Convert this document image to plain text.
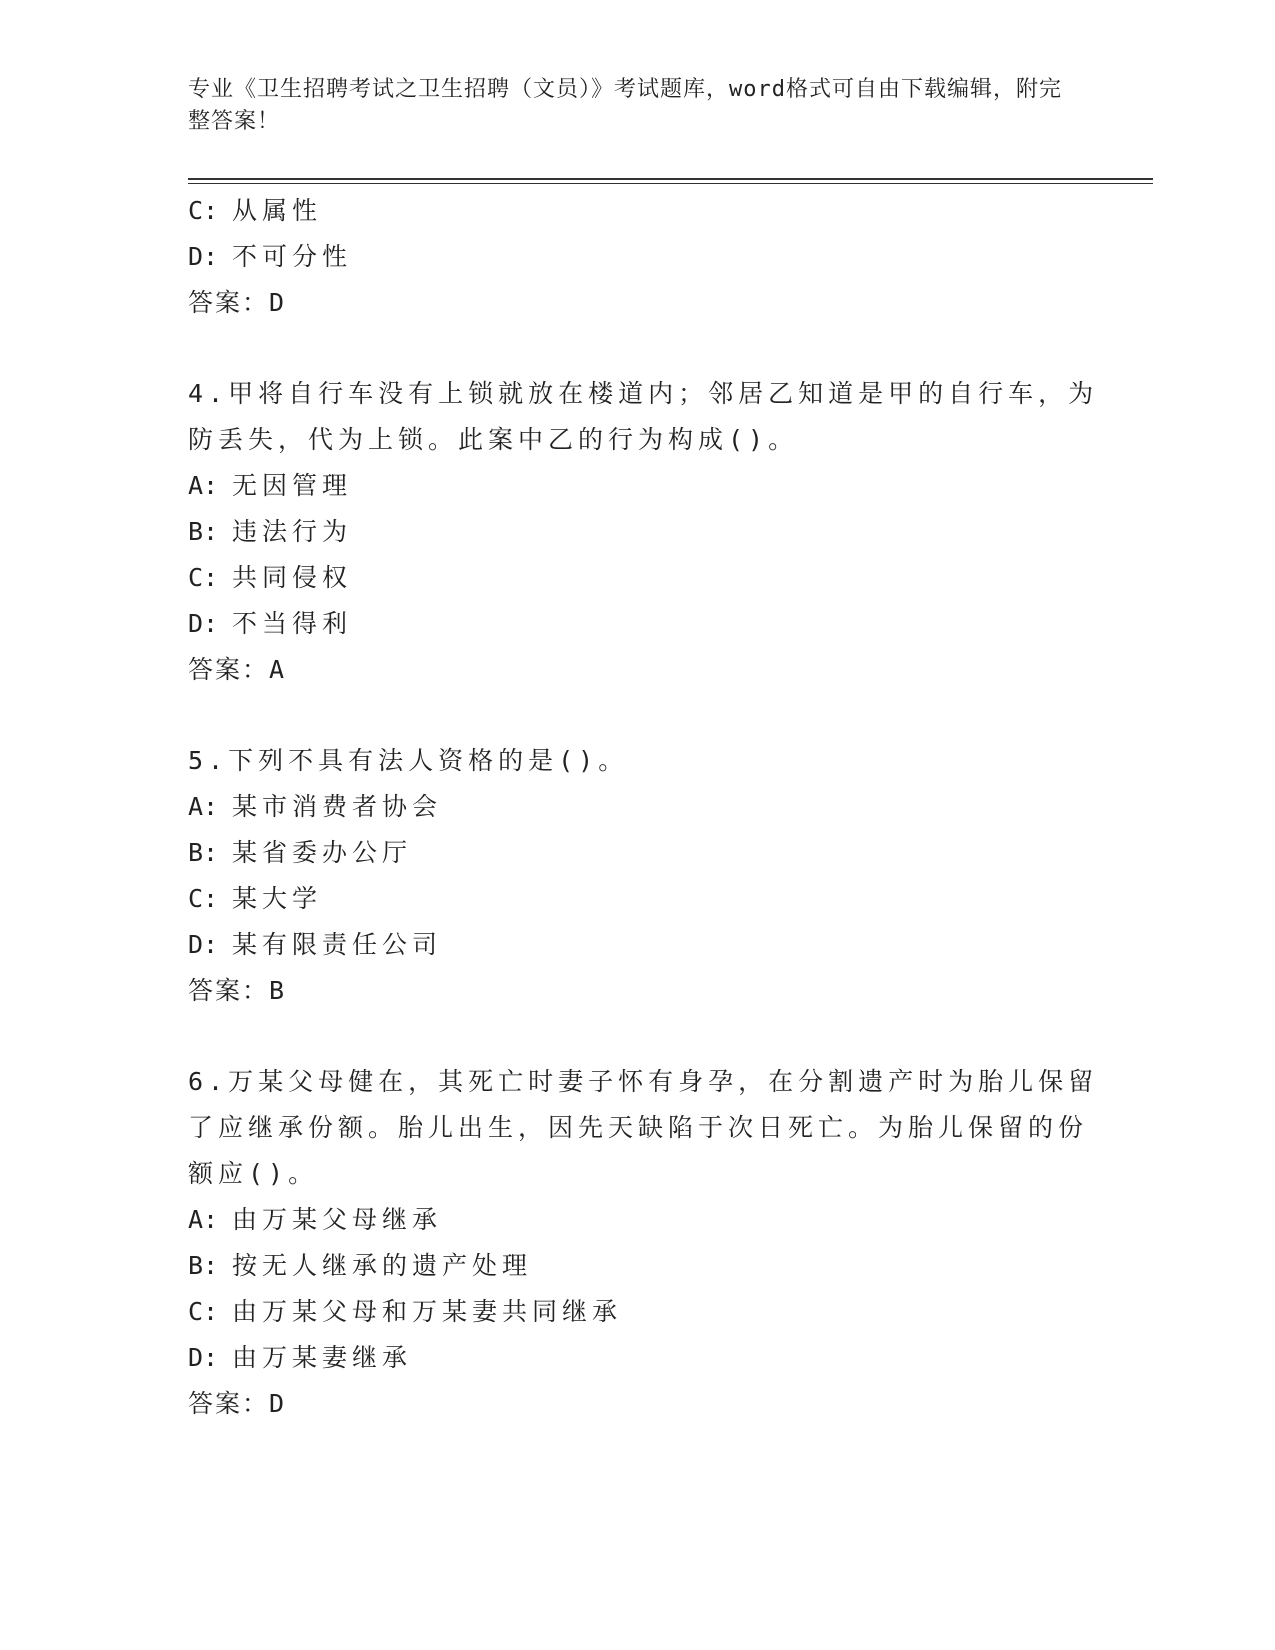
专业《卫生招聘考试之卫生招聘（文员）》考试题库，word格式可自由下载编辑，附完整答案！
C: 从属性
D: 不可分性
答案：D
4.甲将自行车没有上锁就放在楼道内；邻居乙知道是甲的自行车，为
防丢失，代为上锁。此案中乙的行为构成()。
A: 无因管理
B: 违法行为
C: 共同侵权
D: 不当得利
答案：A
5.下列不具有法人资格的是()。
A: 某市消费者协会
B: 某省委办公厅
C: 某大学
D: 某有限责任公司
答案：B
6.万某父母健在，其死亡时妻子怀有身孕，在分割遗产时为胎儿保留
了应继承份额。胎儿出生，因先天缺陷于次日死亡。为胎儿保留的份
额应()。
A: 由万某父母继承
B: 按无人继承的遗产处理
C: 由万某父母和万某妻共同继承
D: 由万某妻继承
答案：D
